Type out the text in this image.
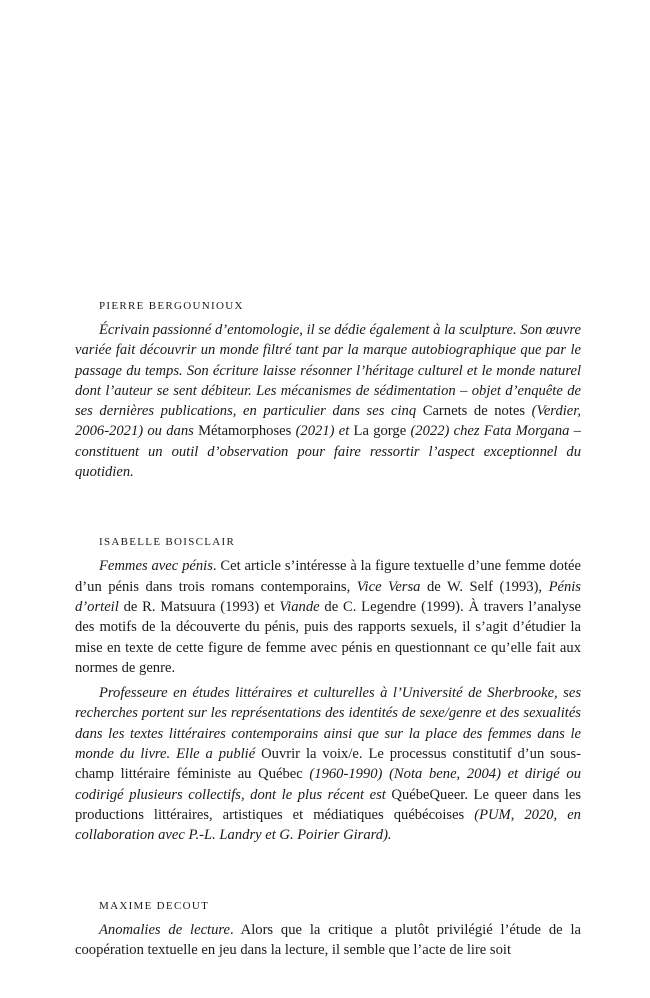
PIERRE BERGOUNIOUX

Écrivain passionné d’entomologie, il se dédie également à la sculpture. Son œuvre variée fait découvrir un monde filtré tant par la marque autobiographique que par le passage du temps. Son écriture laisse résonner l’héritage culturel et le monde naturel dont l’auteur se sent débiteur. Les mécanismes de sédimentation – objet d’enquête de ses dernières publications, en particulier dans ses cinq Carnets de notes (Verdier, 2006-2021) ou dans Métamorphoses (2021) et La gorge (2022) chez Fata Morgana – constituent un outil d’observation pour faire ressortir l’aspect exceptionnel du quotidien.

ISABELLE BOISCLAIR

Femmes avec pénis. Cet article s’intéresse à la figure textuelle d’une femme dotée d’un pénis dans trois romans contemporains, Vice Versa de W. Self (1993), Pénis d’orteil de R. Matsuura (1993) et Viande de C. Legendre (1999). À travers l’analyse des motifs de la découverte du pénis, puis des rapports sexuels, il s’agit d’étudier la mise en texte de cette figure de femme avec pénis en questionnant ce qu’elle fait aux normes de genre.

Professeure en études littéraires et culturelles à l’Université de Sherbrooke, ses recherches portent sur les représentations des identités de sexe/genre et des sexualités dans les textes littéraires contemporains ainsi que sur la place des femmes dans le monde du livre. Elle a publié Ouvrir la voix/e. Le processus constitutif d’un sous-champ littéraire féministe au Québec (1960-1990) (Nota bene, 2004) et dirigé ou codirigé plusieurs collectifs, dont le plus récent est QuébeQueer. Le queer dans les productions littéraires, artistiques et médiatiques québécoises (PUM, 2020, en collaboration avec P.-L. Landry et G. Poirier Girard).

MAXIME DECOUT

Anomalies de lecture. Alors que la critique a plutôt privilégié l’étude de la coopération textuelle en jeu dans la lecture, il semble que l’acte de lire soit
